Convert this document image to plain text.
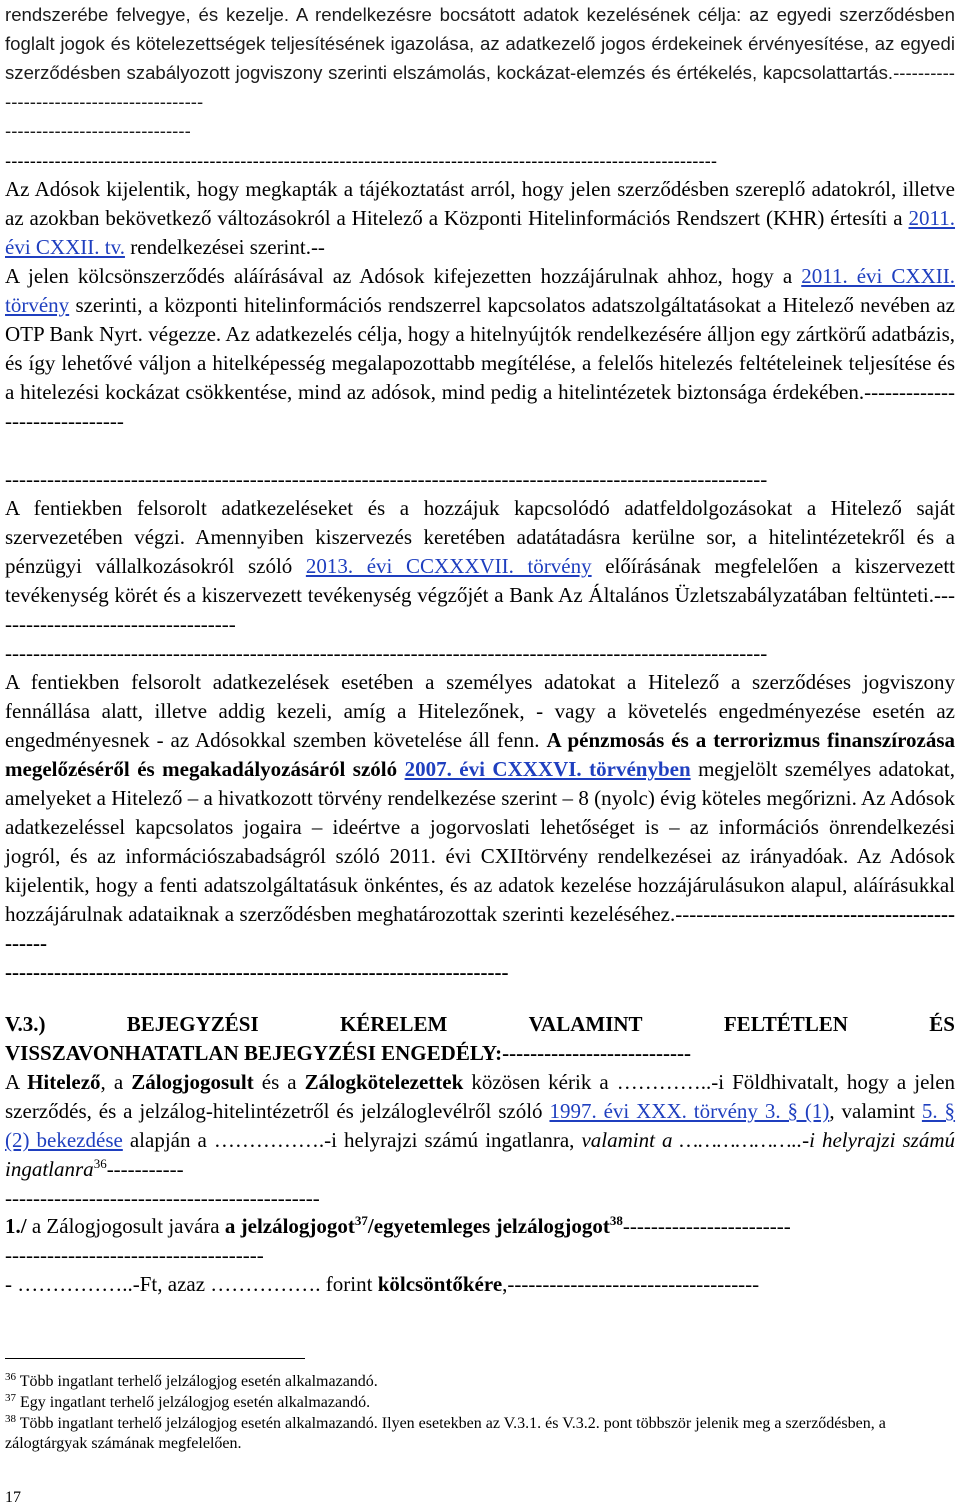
rendszerébe felvegye, és kezelje. A rendelkezésre bocsátott adatok kezelésének célja: az egyedi szerződésben foglalt jogok és kötelezettségek teljesítésének igazolása, az adatkezelő jogos érdekeinek érvényesítése, az egyedi szerződésben szabályozott jogviszony szerinti elszámolás, kockázat-elemzés és értékelés, kapcsolattartás.------------------------------------------
------------------------------

-------------------------------------------------------------------------------------------------------------------

Az Adósok kijelentik, hogy megkapták a tájékoztatást arról, hogy jelen szerződésben szereplő adatokról, illetve az azokban bekövetkező változásokról a Hitelező a Központi Hitelinformációs Rendszert (KHR) értesíti a 2011. évi CXXII. tv. rendelkezései szerint.--

A jelen kölcsönszerződés aláírásával az Adósok kifejezetten hozzájárulnak ahhoz, hogy a 2011. évi CXXII. törvény szerinti, a központi hitelinformációs rendszerrel kapcsolatos adatszolgáltatásokat a Hitelező nevében az OTP Bank Nyrt. végezze. Az adatkezelés célja, hogy a hitelnyújtók rendelkezésére álljon egy zártkörű adatbázis, és így lehetővé váljon a hitelképesség megalapozottabb megítélése, a felelős hitelezés feltételeinek teljesítése és a hitelezési kockázat csökkentése, mind az adósok, mind pedig a hitelintézetek biztonsága érdekében.------------------------------

-------------------------------------------------------------------------------------------------------------

A fentiekben felsorolt adatkezeléseket és a hozzájuk kapcsolódó adatfeldolgozásokat a Hitelező saját szervezetében végzi. Amennyiben kiszervezés keretében adatátadásra kerülne sor, a hitelintézetekről és a pénzügyi vállalkozásokról szóló 2013. évi CCXXXVII. törvény előírásának megfelelően a kiszervezett tevékenység körét és a kiszervezett tevékenység végzőjét a Bank Az Általános Üzletszabályzatában feltünteti.------------------------------------

-------------------------------------------------------------------------------------------------------------

A fentiekben felsorolt adatkezelések esetében a személyes adatokat a Hitelező a szerződéses jogviszony fennállása alatt, illetve addig kezeli, amíg a Hitelezőnek, - vagy a követelés engedményezése esetén az engedményesnek - az Adósokkal szemben követelése áll fenn. A pénzmosás és a terrorizmus finanszírozása megelőzéséről és megakadályozásáról szóló 2007. évi CXXXVI. törvényben megjelölt személyes adatokat, amelyeket a Hitelező – a hivatkozott törvény rendelkezése szerint – 8 (nyolc) évig köteles megőrizni. Az Adósok adatkezeléssel kapcsolatos jogaira – ideértve a jogorvoslati lehetőséget is – az információs önrendelkezési jogról, és az információszabadságról szóló 2011. évi CXIItörvény rendelkezései az irányadóak. Az Adósok kijelentik, hogy a fenti adatszolgáltatásuk önkéntes, és az adatok kezelése hozzájárulásukon alapul, aláírásukkal hozzájárulnak adataiknak a szerződésben meghatározottak szerinti kezeléséhez.----------------------------------------------
------------------------------------------------------------------------

V.3.)	BEJEGYZÉSI	KÉRELEM	VALAMINT	FELTÉTLEN	ÉS
VISSZAVONHATATLAN BEJEGYZÉSI ENGEDÉLY:---------------------------

A Hitelező, a Zálogjogosult és a Zálogkötelezettek közösen kérik a …………..-i Földhivatalt, hogy a jelen szerződés, és a jelzálog-hitelintézetről és jelzáloglevélről szóló 1997. évi XXX. törvény 3. § (1), valamint 5. § (2) bekezdése alapján a …………….-i helyrajzi számú ingatlanra, valamint a ………………..-i helyrajzi számú ingatlanra$^{36}$-----------
---------------------------------------------

1./ a Zálogjogosult javára a jelzálogjogot$^{37}$/egyetemleges jelzálogjogot$^{38}$------------------------
-------------------------------------

- ……………..-Ft, azaz ……………. forint kölcsöntőkére,------------------------------------

$^{36}$ Több ingatlant terhelő jelzálogjog esetén alkalmazandó.
$^{37}$ Egy ingatlant terhelő jelzálogjog esetén alkalmazandó.
$^{38}$ Több ingatlant terhelő jelzálogjog esetén alkalmazandó. Ilyen esetekben az V.3.1. és V.3.2. pont többször jelenik meg a szerződésben, a zálogtárgyak számának megfelelően.
17
